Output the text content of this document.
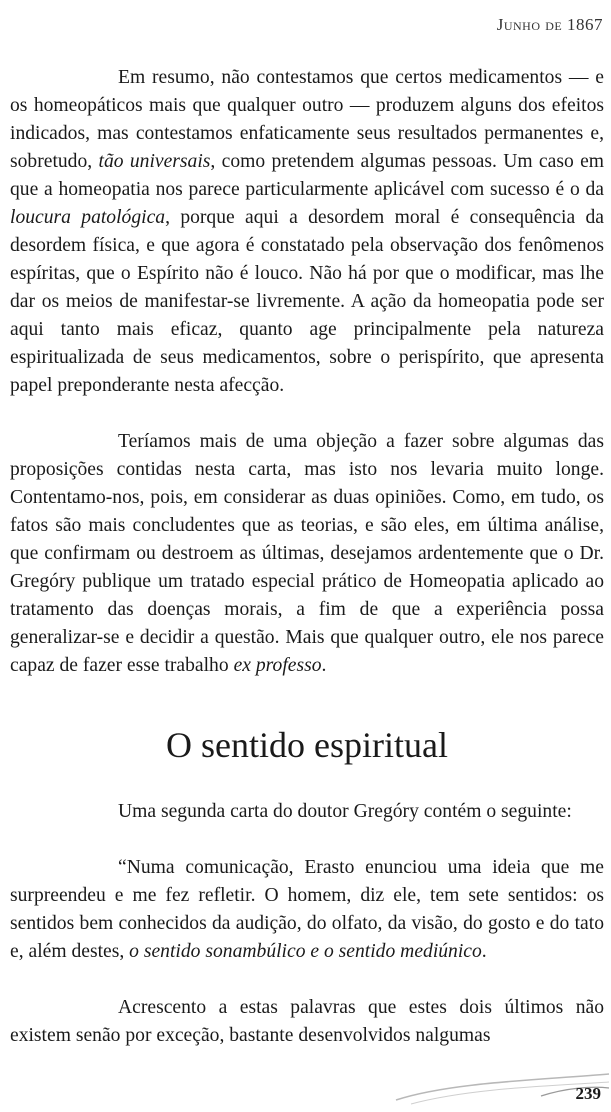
Junho de 1867

Em resumo, não contestamos que certos medicamentos — e os homeopáticos mais que qualquer outro — produzem alguns dos efeitos indicados, mas contestamos enfaticamente seus resultados permanentes e, sobretudo, tão universais, como pretendem algumas pessoas. Um caso em que a homeopatia nos parece particularmente aplicável com sucesso é o da loucura patológica, porque aqui a desordem moral é consequência da desordem física, e que agora é constatado pela observação dos fenômenos espíritas, que o Espírito não é louco. Não há por que o modificar, mas lhe dar os meios de manifestar-se livremente. A ação da homeopatia pode ser aqui tanto mais eficaz, quanto age principalmente pela natureza espiritualizada de seus medicamentos, sobre o perispírito, que apresenta papel preponderante nesta afecção.

Teríamos mais de uma objeção a fazer sobre algumas das proposições contidas nesta carta, mas isto nos levaria muito longe. Contentamo-nos, pois, em considerar as duas opiniões. Como, em tudo, os fatos são mais concludentes que as teorias, e são eles, em última análise, que confirmam ou destroem as últimas, desejamos ardentemente que o Dr. Gregóry publique um tratado especial prático de Homeopatia aplicado ao tratamento das doenças morais, a fim de que a experiência possa generalizar-se e decidir a questão. Mais que qualquer outro, ele nos parece capaz de fazer esse trabalho ex professo.

O sentido espiritual

Uma segunda carta do doutor Gregóry contém o seguinte:

“Numa comunicação, Erasto enunciou uma ideia que me surpreendeu e me fez refletir. O homem, diz ele, tem sete sentidos: os sentidos bem conhecidos da audição, do olfato, da visão, do gosto e do tato e, além destes, o sentido sonambúlico e o sentido mediúnico.

Acrescento a estas palavras que estes dois últimos não existem senão por exceção, bastante desenvolvidos nalgumas

239
